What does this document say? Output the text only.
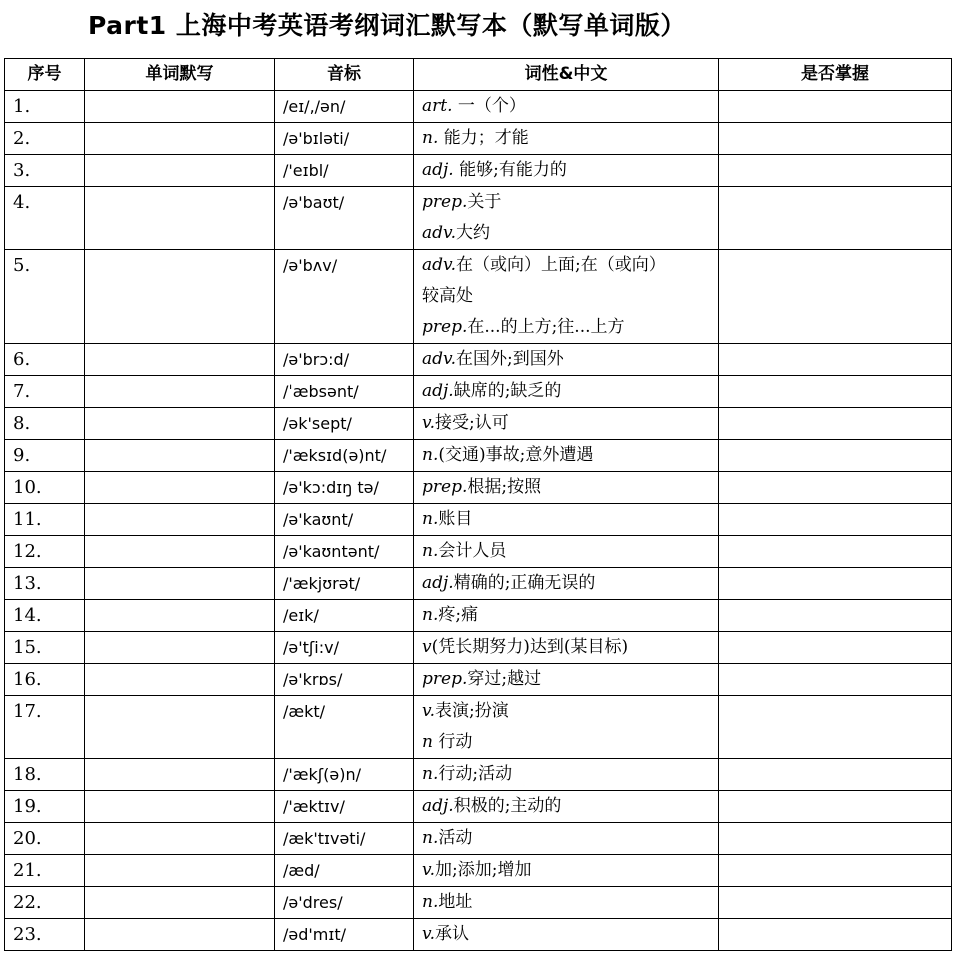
Part1 上海中考英语考纲词汇默写本（默写单词版）
序号	单词默写	音标	词性&中文	是否掌握
1.		/eɪ/,/ən/	art. 一（个）	

2.		/ə'bɪləti/	n. 能力；才能	

3.		/'eɪbl/	adj. 能够;有能力的	

4.		/ə'baʊt/	prep.关于
adv.大约	

5.		/ə'bʌv/	adv.在（或向）上面;在（或向）
较高处
prep.在...的上方;往...上方	

6.		/ə'brɔ:d/	adv.在国外;到国外	

7.		/ˈæbsənt/	adj.缺席的;缺乏的	

8.		/ək'sept/	v.接受;认可	

9.		/'æksɪd(ə)nt/	n.(交通)事故;意外遭遇	

10.		/ə'kɔ:dɪŋ tə/	prep.根据;按照	

11.		/ə'kaʊnt/	n.账目	

12.		/ə'kaʊntənt/	n.会计人员	

13.		/'ækjʊrət/	adj.精确的;正确无误的	

14.		/eɪk/	n.疼;痛	

15.		/ə'tʃi:v/	v(凭长期努力)达到(某目标)	

16.		/ə'krɒs/	prep.穿过;越过	

17.		/ækt/	v.表演;扮演
n 行动	

18.		/'ækʃ(ə)n/	n.行动;活动	

19.		/'æktɪv/	adj.积极的;主动的	

20.		/æk'tɪvəti/	n.活动	

21.		/æd/	v.加;添加;增加	

22.		/ə'dres/	n.地址	

23.		/əd'mɪt/	v.承认	
